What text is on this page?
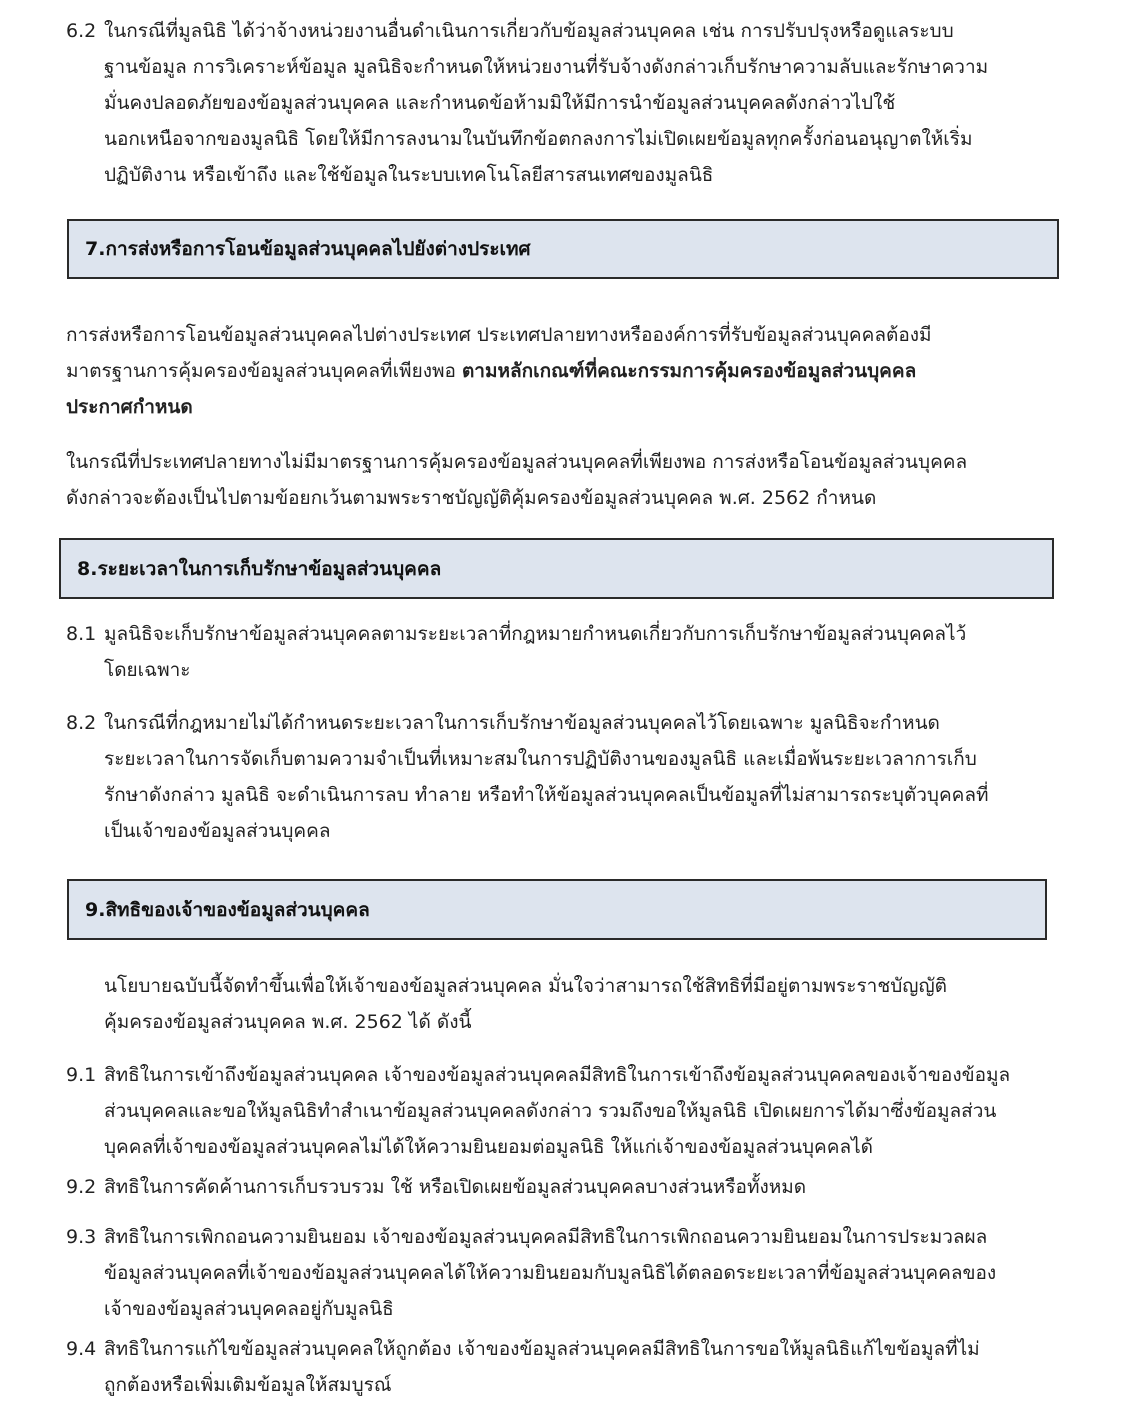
6.2 ในกรณีที่มูลนิธิ ได้ว่าจ้างหน่วยงานอื่นดำเนินการเกี่ยวกับข้อมูลส่วนบุคคล เช่น การปรับปรุงหรือดูแลระบบ
ฐานข้อมูล การวิเคราะห์ข้อมูล มูลนิธิจะกำหนดให้หน่วยงานที่รับจ้างดังกล่าวเก็บรักษาความลับและรักษาความ
มั่นคงปลอดภัยของข้อมูลส่วนบุคคล และกำหนดข้อห้ามมิให้มีการนำข้อมูลส่วนบุคคลดังกล่าวไปใช้
นอกเหนือจากของมูลนิธิ โดยให้มีการลงนามในบันทึกข้อตกลงการไม่เปิดเผยข้อมูลทุกครั้งก่อนอนุญาตให้เริ่ม
ปฏิบัติงาน หรือเข้าถึง และใช้ข้อมูลในระบบเทคโนโลยีสารสนเทศของมูลนิธิ
7.การส่งหรือการโอนข้อมูลส่วนบุคคลไปยังต่างประเทศ
การส่งหรือการโอนข้อมูลส่วนบุคคลไปต่างประเทศ ประเทศปลายทางหรือองค์การที่รับข้อมูลส่วนบุคคลต้องมี
มาตรฐานการคุ้มครองข้อมูลส่วนบุคคลที่เพียงพอ ตามหลักเกณฑ์ที่คณะกรรมการคุ้มครองข้อมูลส่วนบุคคล
ประกาศกำหนด
ในกรณีที่ประเทศปลายทางไม่มีมาตรฐานการคุ้มครองข้อมูลส่วนบุคคลที่เพียงพอ การส่งหรือโอนข้อมูลส่วนบุคคล
ดังกล่าวจะต้องเป็นไปตามข้อยกเว้นตามพระราชบัญญัติคุ้มครองข้อมูลส่วนบุคคล พ.ศ. 2562 กำหนด
8.ระยะเวลาในการเก็บรักษาข้อมูลส่วนบุคคล
8.1 มูลนิธิจะเก็บรักษาข้อมูลส่วนบุคคลตามระยะเวลาที่กฎหมายกำหนดเกี่ยวกับการเก็บรักษาข้อมูลส่วนบุคคลไว้
โดยเฉพาะ
8.2 ในกรณีที่กฎหมายไม่ได้กำหนดระยะเวลาในการเก็บรักษาข้อมูลส่วนบุคคลไว้โดยเฉพาะ มูลนิธิจะกำหนด
ระยะเวลาในการจัดเก็บตามความจำเป็นที่เหมาะสมในการปฏิบัติงานของมูลนิธิ และเมื่อพ้นระยะเวลาการเก็บ
รักษาดังกล่าว มูลนิธิ จะดำเนินการลบ ทำลาย หรือทำให้ข้อมูลส่วนบุคคลเป็นข้อมูลที่ไม่สามารถระบุตัวบุคคลที่
เป็นเจ้าของข้อมูลส่วนบุคคล
9.สิทธิของเจ้าของข้อมูลส่วนบุคคล
นโยบายฉบับนี้จัดทำขึ้นเพื่อให้เจ้าของข้อมูลส่วนบุคคล มั่นใจว่าสามารถใช้สิทธิที่มีอยู่ตามพระราชบัญญัติ
คุ้มครองข้อมูลส่วนบุคคล พ.ศ. 2562 ได้ ดังนี้
9.1 สิทธิในการเข้าถึงข้อมูลส่วนบุคคล เจ้าของข้อมูลส่วนบุคคลมีสิทธิในการเข้าถึงข้อมูลส่วนบุคคลของเจ้าของข้อมูล
ส่วนบุคคลและขอให้มูลนิธิทำสำเนาข้อมูลส่วนบุคคลดังกล่าว รวมถึงขอให้มูลนิธิ เปิดเผยการได้มาซึ่งข้อมูลส่วน
บุคคลที่เจ้าของข้อมูลส่วนบุคคลไม่ได้ให้ความยินยอมต่อมูลนิธิ ให้แก่เจ้าของข้อมูลส่วนบุคคลได้
9.2 สิทธิในการคัดค้านการเก็บรวบรวม ใช้ หรือเปิดเผยข้อมูลส่วนบุคคลบางส่วนหรือทั้งหมด
9.3 สิทธิในการเพิกถอนความยินยอม เจ้าของข้อมูลส่วนบุคคลมีสิทธิในการเพิกถอนความยินยอมในการประมวลผล
ข้อมูลส่วนบุคคลที่เจ้าของข้อมูลส่วนบุคคลได้ให้ความยินยอมกับมูลนิธิได้ตลอดระยะเวลาที่ข้อมูลส่วนบุคคลของ
เจ้าของข้อมูลส่วนบุคคลอยู่กับมูลนิธิ
9.4 สิทธิในการแก้ไขข้อมูลส่วนบุคคลให้ถูกต้อง เจ้าของข้อมูลส่วนบุคคลมีสิทธิในการขอให้มูลนิธิแก้ไขข้อมูลที่ไม่
ถูกต้องหรือเพิ่มเติมข้อมูลให้สมบูรณ์
